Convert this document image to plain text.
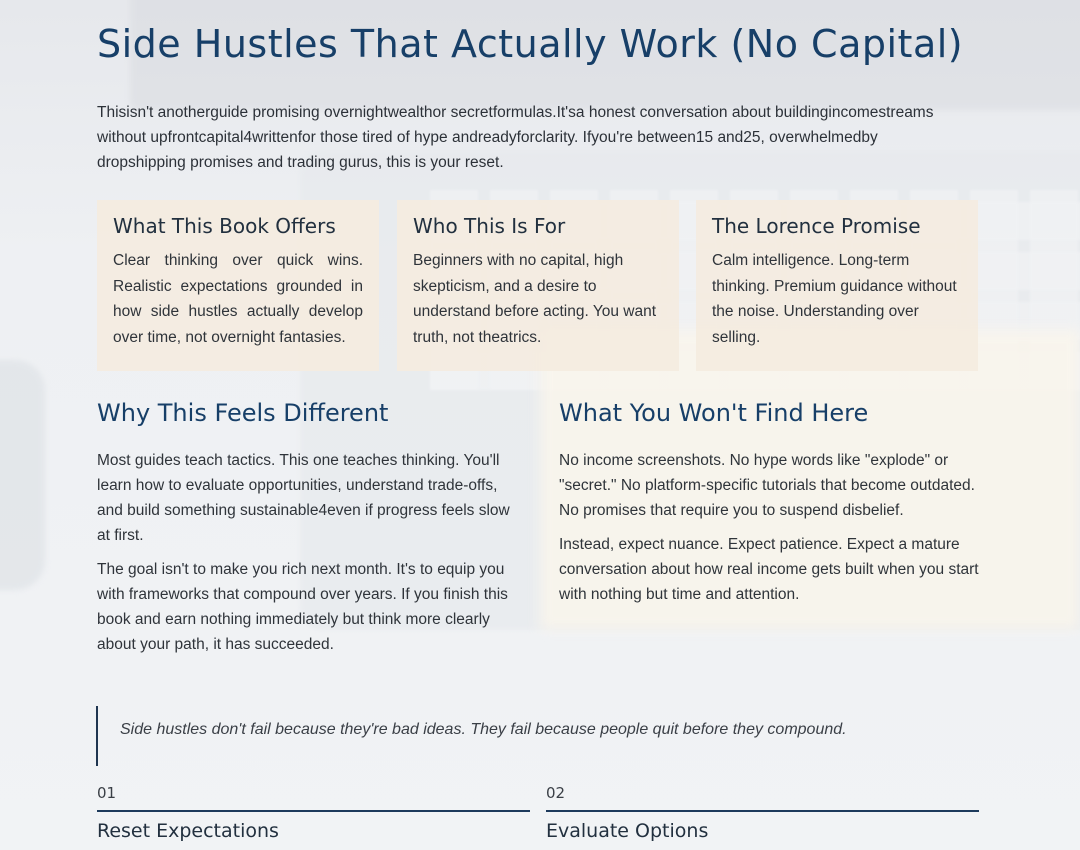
Side Hustles That Actually Work (No Capital)

Thisisn't anotherguide promising overnightwealthor secretformulas.It'sa honest conversation about buildingincomestreams without upfrontcapital4writtenfor those tired of hype andreadyforclarity. Ifyou're between15 and25, overwhelmedby dropshipping promises and trading gurus, this is your reset.

What This Book Offers

Clear thinking over quick wins. Realistic expectations grounded in how side hustles actually develop over time, not overnight fantasies.

Who This Is For

Beginners with no capital, high skepticism, and a desire to understand before acting. You want truth, not theatrics.

The Lorence Promise

Calm intelligence. Long-term thinking. Premium guidance without the noise. Understanding over selling.

Why This Feels Different

Most guides teach tactics. This one teaches thinking. You'll learn how to evaluate opportunities, understand trade-offs, and build something sustainable4even if progress feels slow at first.

The goal isn't to make you rich next month. It's to equip you with frameworks that compound over years. If you finish this book and earn nothing immediately but think more clearly about your path, it has succeeded.

What You Won't Find Here

No income screenshots. No hype words like "explode" or "secret." No platform-specific tutorials that become outdated. No promises that require you to suspend disbelief.

Instead, expect nuance. Expect patience. Expect a mature conversation about how real income gets built when you start with nothing but time and attention.

Side hustles don't fail because they're bad ideas. They fail because people quit before they compound.

01
Reset Expectations
02
Evaluate Options
